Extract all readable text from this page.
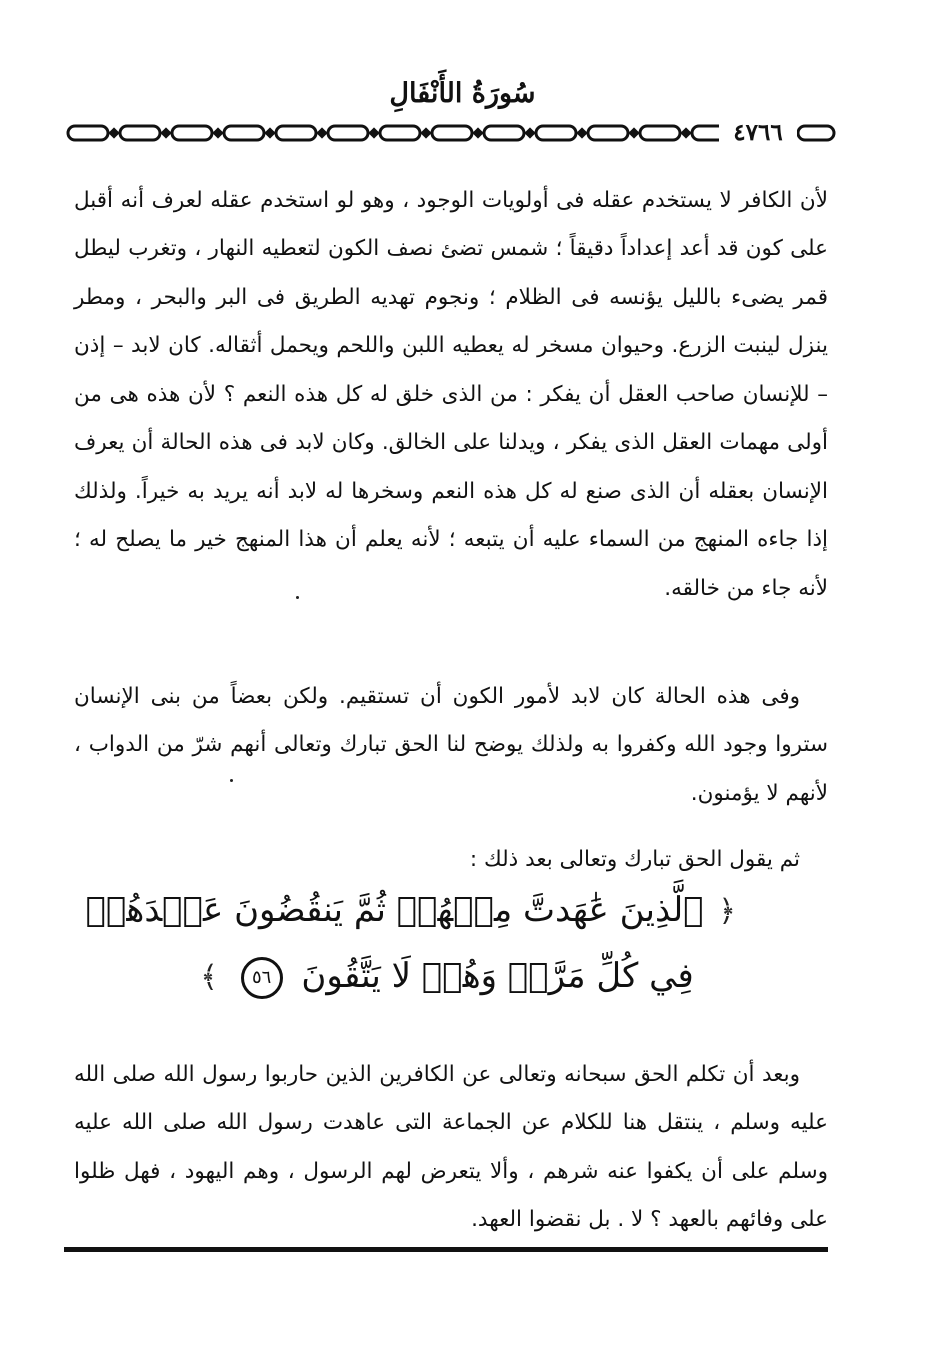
سُورَةُ الأَنْفَالِ
٤٧٦٦

لأن الكافر لا يستخدم عقله فى أولويات الوجود ، وهو لو استخدم عقله لعرف أنه أقبل على كون قد أعد إعداداً دقيقاً ؛ شمس تضئ نصف الكون لتعطيه النهار ، وتغرب ليطل قمر يضىء بالليل يؤنسه فى الظلام ؛ ونجوم تهديه الطريق فى البر والبحر ، ومطر ينزل لينبت الزرع. وحيوان مسخر له يعطيه اللبن واللحم ويحمل أثقاله. كان لابد – إذن – للإنسان صاحب العقل أن يفكر : من الذى خلق له كل هذه النعم ؟ لأن هذه هى من أولى مهمات العقل الذى يفكر ، ويدلنا على الخالق. وكان لابد فى هذه الحالة أن يعرف الإنسان بعقله أن الذى صنع له كل هذه النعم وسخرها له لابد أنه يريد به خيراً. ولذلك إذا جاءه المنهج من السماء عليه أن يتبعه ؛ لأنه يعلم أن هذا المنهج خير ما يصلح له ؛ لأنه جاء من خالقه.

وفى هذه الحالة كان لابد لأمور الكون أن تستقيم. ولكن بعضاً من بنى الإنسان ستروا وجود الله وكفروا به ولذلك يوضح لنا الحق تبارك وتعالى أنهم شرّ من الدواب ، لأنهم لا يؤمنون.

ثم يقول الحق تبارك وتعالى بعد ذلك :

﴿ ٱلَّذِينَ عَٰهَدتَّ مِنۡهُمۡ ثُمَّ يَنقُضُونَ عَهۡدَهُمۡ
فِي كُلِّ مَرَّةٖ وَهُمۡ لَا يَتَّقُونَ ٥٦ ﴾

وبعد أن تكلم الحق سبحانه وتعالى عن الكافرين الذين حاربوا رسول الله صلى الله عليه وسلم ، ينتقل هنا للكلام عن الجماعة التى عاهدت رسول الله صلى الله عليه وسلم على أن يكفوا عنه شرهم ، وألا يتعرض لهم الرسول ، وهم اليهود ، فهل ظلوا على وفائهم بالعهد ؟ لا . بل نقضوا العهد.
